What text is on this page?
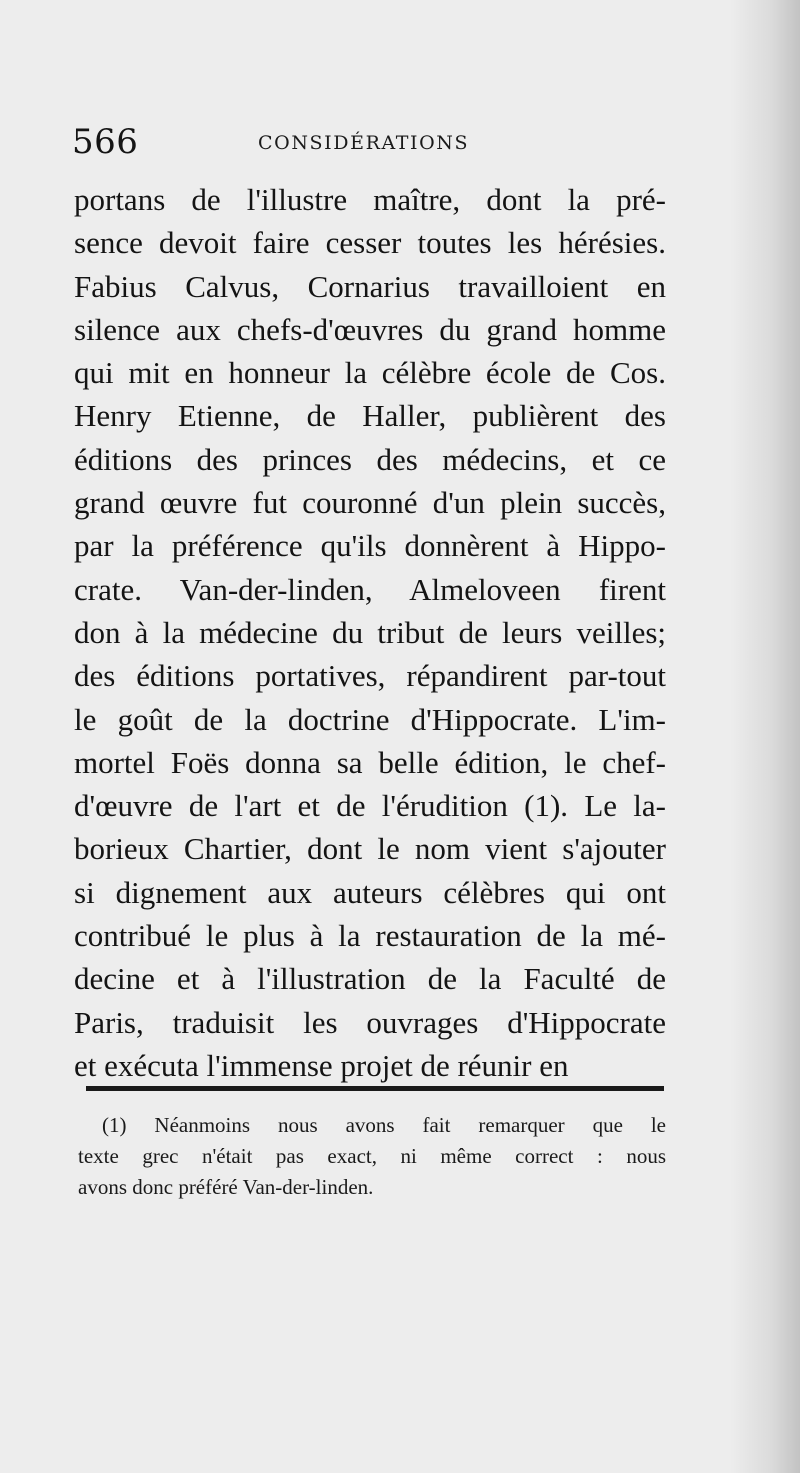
566	CONSIDÉRATIONS
portans de l'illustre maître, dont la pré-
sence devoit faire cesser toutes les hérésies.
Fabius Calvus, Cornarius travailloient en
silence aux chefs-d'œuvres du grand homme
qui mit en honneur la célèbre école de Cos.
Henry Etienne, de Haller, publièrent des
éditions des princes des médecins, et ce
grand œuvre fut couronné d'un plein succès,
par la préférence qu'ils donnèrent à Hippo-
crate. Van-der-linden, Almeloveen firent
don à la médecine du tribut de leurs veilles;
des éditions portatives, répandirent par-tout
le goût de la doctrine d'Hippocrate. L'im-
mortel Foës donna sa belle édition, le chef-
d'œuvre de l'art et de l'érudition (1). Le la-
borieux Chartier, dont le nom vient s'ajouter
si dignement aux auteurs célèbres qui ont
contribué le plus à la restauration de la mé-
decine et à l'illustration de la Faculté de
Paris, traduisit les ouvrages d'Hippocrate
et exécuta l'immense projet de réunir en
(1) Néanmoins nous avons fait remarquer que le
texte grec n'était pas exact, ni même correct : nous
avons donc préféré Van-der-linden.
